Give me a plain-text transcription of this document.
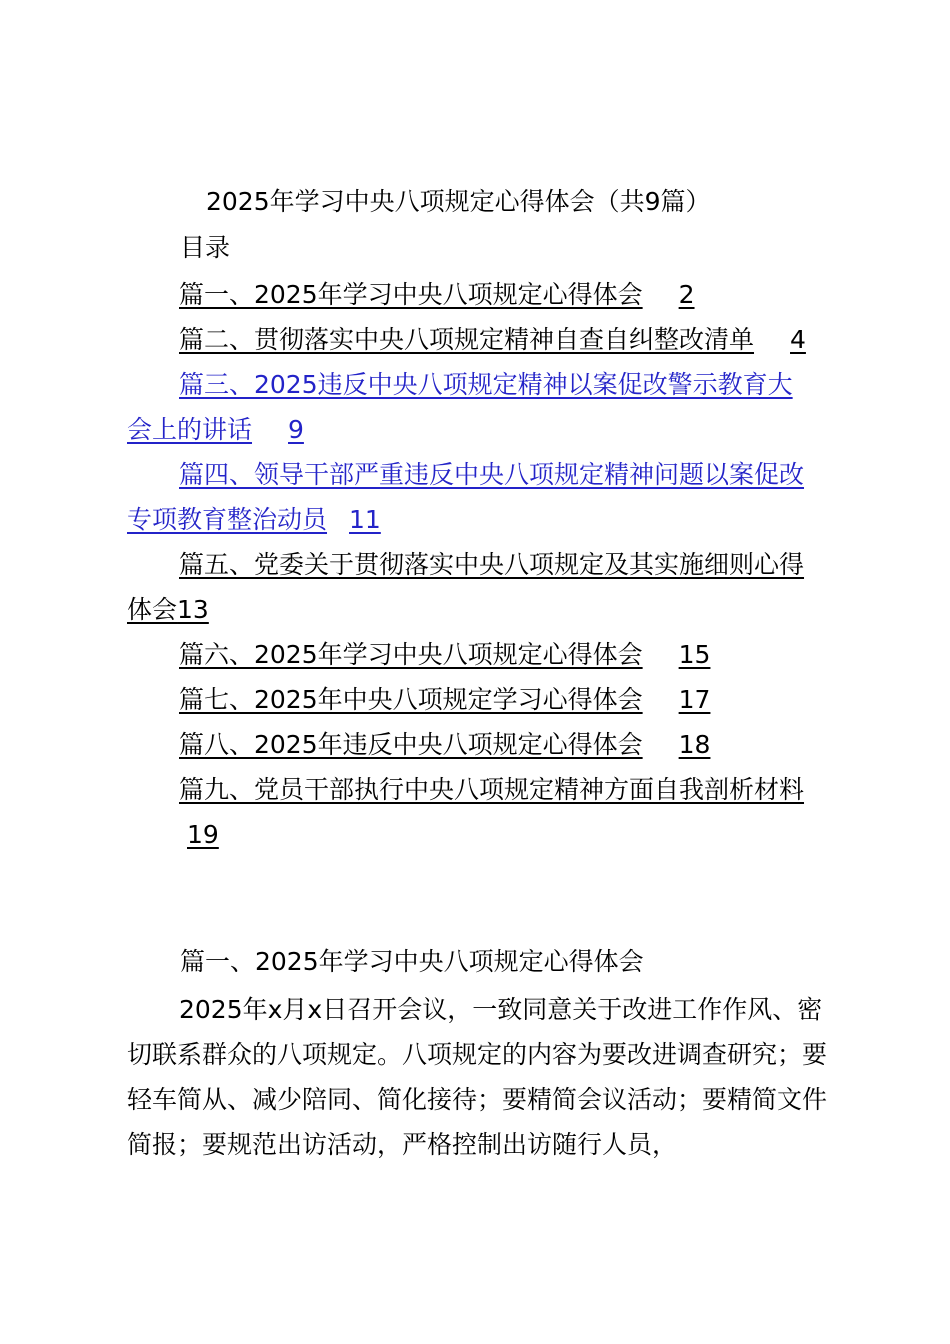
2025年学习中央八项规定心得体会（共9篇）
目录
篇一、2025年学习中央八项规定心得体会 2
篇二、贯彻落实中央八项规定精神自查自纠整改清单 4
篇三、2025违反中央八项规定精神以案促改警示教育大会上的讲话 9
篇四、领导干部严重违反中央八项规定精神问题以案促改专项教育整治动员 11
篇五、党委关于贯彻落实中央八项规定及其实施细则心得体会13
篇六、2025年学习中央八项规定心得体会 15
篇七、2025年中央八项规定学习心得体会 17
篇八、2025年违反中央八项规定心得体会 18
篇九、党员干部执行中央八项规定精神方面自我剖析材料19
篇一、2025年学习中央八项规定心得体会
2025年x月x日召开会议，一致同意关于改进工作作风、密切联系群众的八项规定。八项规定的内容为要改进调查研究；要轻车简从、减少陪同、简化接待；要精简会议活动；要精简文件简报；要规范出访活动，严格控制出访随行人员，
